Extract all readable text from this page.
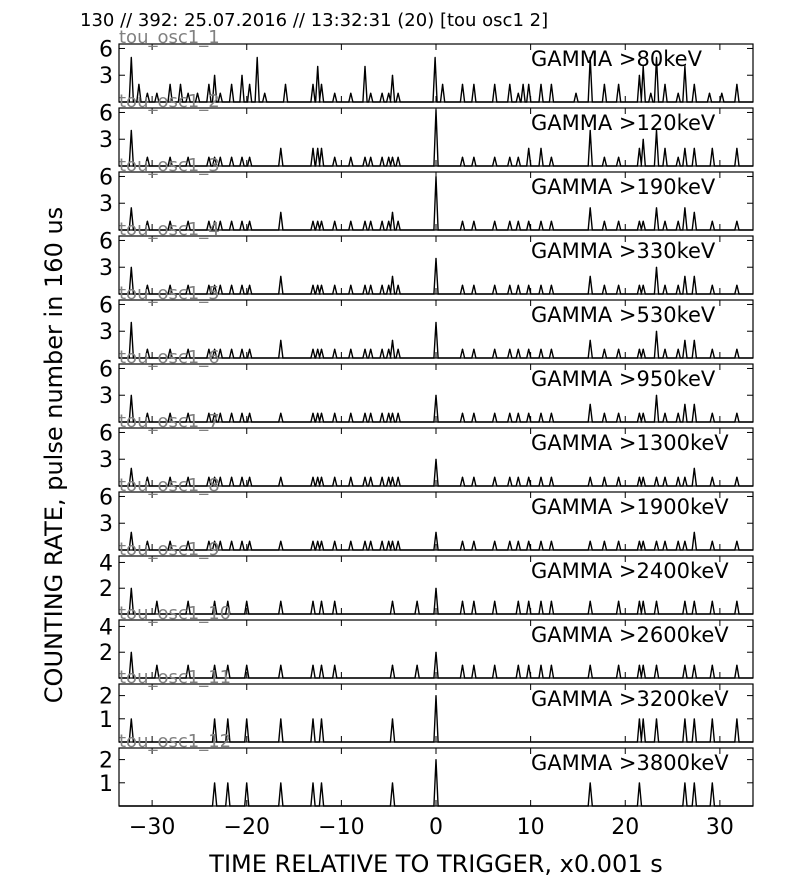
130 // 392: 25.07.2016 // 13:32:31 (20) [tou osc1 2]
3
6 tou_osc1_1
GAMMA >80keV
3
6 tou_osc1_2
GAMMA >120keV
3
6 tou_osc1_3
GAMMA >190keV
3
6 tou_osc1_4
GAMMA >330keV
3
6 tou_osc1_5
GAMMA >530keV
3
6 tou_osc1_6
GAMMA >950keV
3
6 tou_osc1_7
GAMMA >1300keV
3
6 tou_osc1_8
GAMMA >1900keV
2
4
tou_osc1_9
GAMMA >2400keV
2
4
tou_osc1_10
GAMMA >2600keV
1
2
tou_osc1_11
GAMMA >3200keV
1
2
tou_osc1_12
GAMMA >3800keV
−30 −20 −10	0	10	20	30
TIME RELATIVE TO TRIGGER, x0.001 s
COUNTING RATE, pulse number in 160 us
